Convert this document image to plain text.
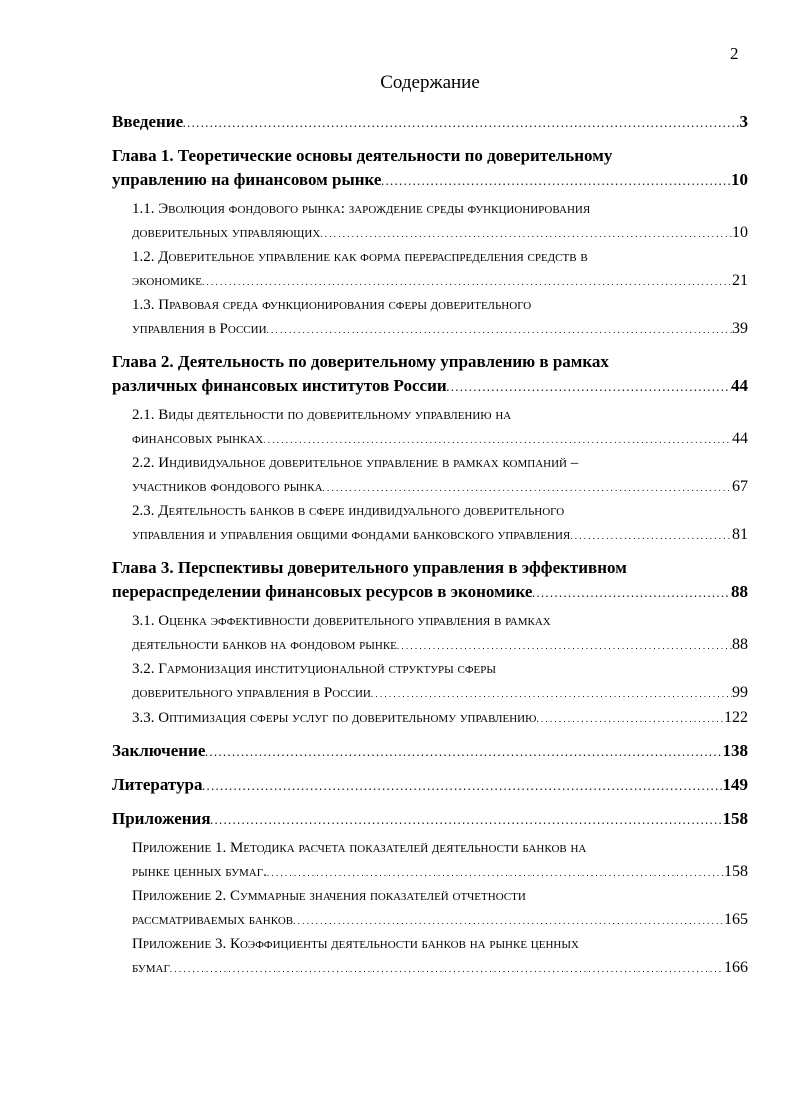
2
Содержание
Введение . . .	3
Глава 1. Теоретические основы деятельности по доверительному
управлению на финансовом рынке . . .	10
1.1. Эволюция фондового рынка: зарождение среды функционирования
доверительных управляющих . . .	10
1.2. Доверительное управление как форма перераспределения средств в
экономике . . .	21
1.3. Правовая среда функционирования сферы доверительного
управления в России . . .	39
Глава 2. Деятельность по доверительному управлению в рамках
различных финансовых институтов России . . .	44
2.1. Виды деятельности по доверительному управлению на
финансовых рынках . . .	44
2.2. Индивидуальное доверительное управление в рамках компаний –
участников фондового рынка . . .	67
2.3. Деятельность банков в сфере индивидуального доверительного
управления и управления общими фондами банковского управления . . .	81
Глава 3. Перспективы доверительного управления в эффективном
перераспределении финансовых ресурсов в экономике . . .	88
3.1. Оценка эффективности доверительного управления в рамках
деятельности банков на фондовом рынке . . .	88
3.2. Гармонизация институциональной структуры сферы
доверительного управления в России . . .	99
3.3. Оптимизация сферы услуг по доверительному управлению . . .	122
Заключение . . .	138
Литература . . .	149
Приложения . . .	158
Приложение 1. Методика расчета показателей деятельности банков на
рынке ценных бумаг. . . .	158
Приложение 2. Суммарные значения показателей отчетности
рассматриваемых банков . . .	165
Приложение 3. Коэффициенты деятельности банков на рынке ценных
бумаг . . .	166
